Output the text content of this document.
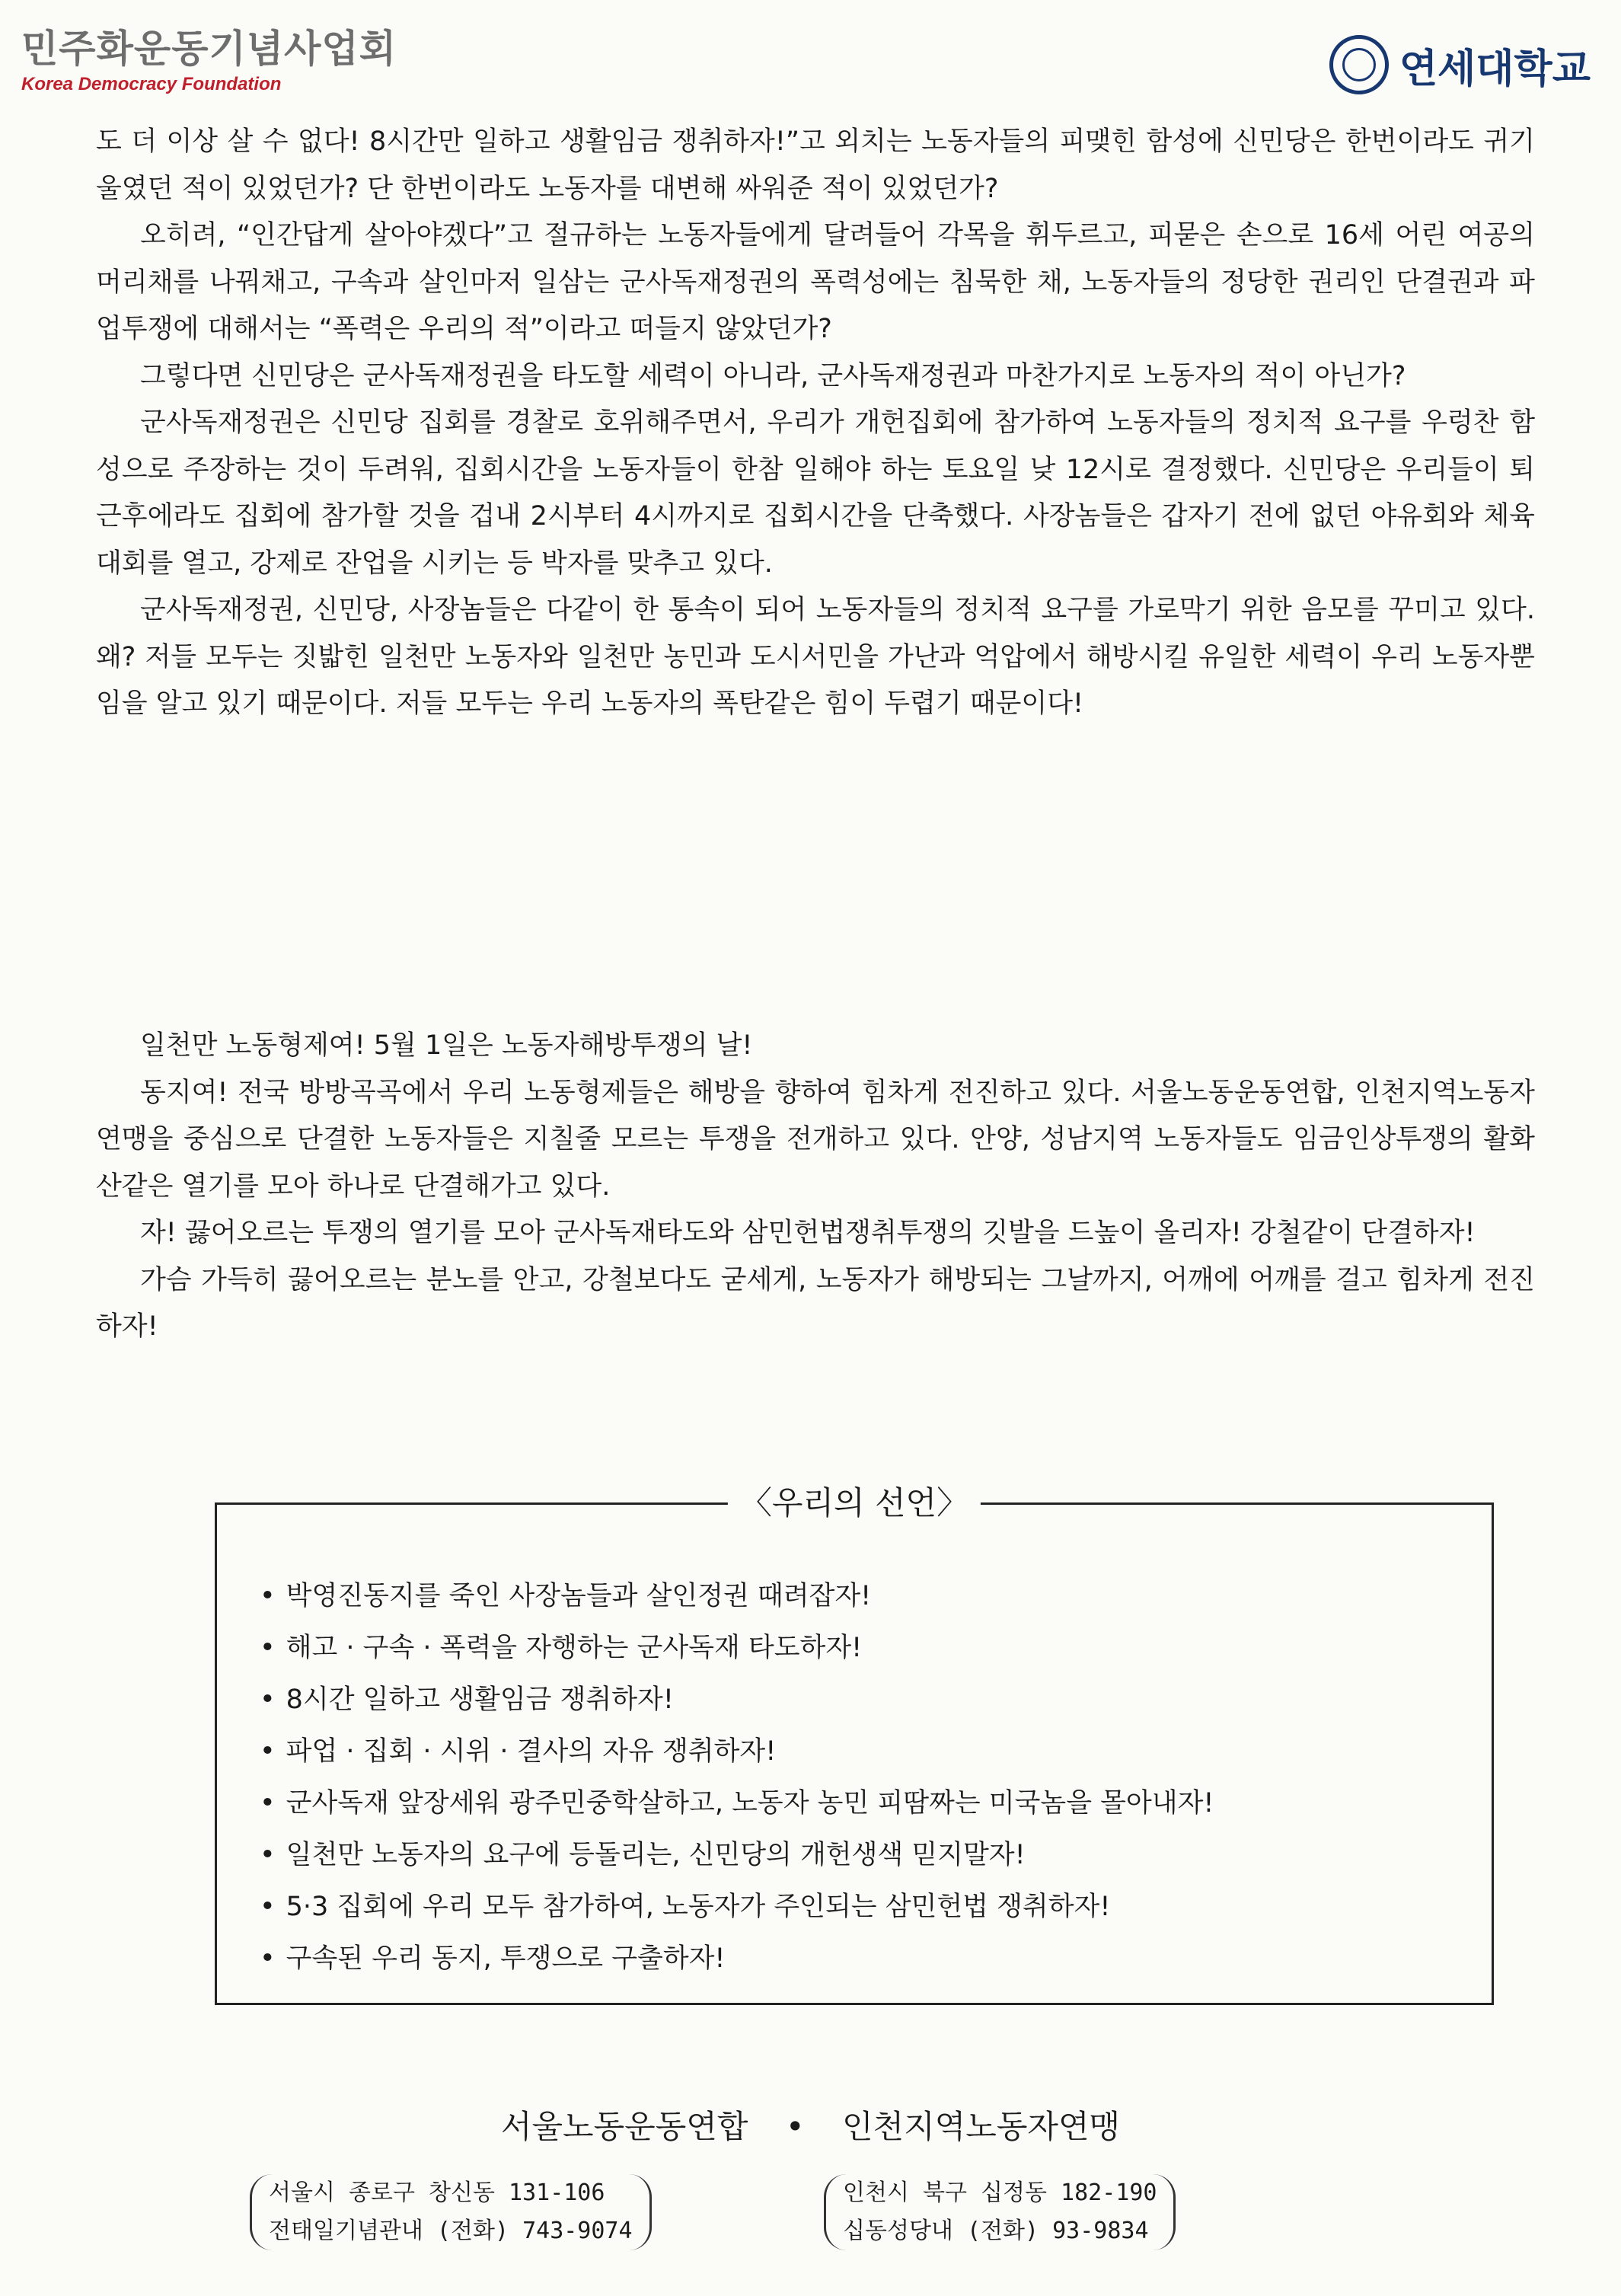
민주화운동기념사업회
Korea Democracy Foundation	연세대학교

도 더 이상 살 수 없다! 8시간만 일하고 생활임금 쟁취하자!”고 외치는 노동자들의 피맺힌 함성에 신민당은 한번이라도 귀기울였던 적이 있었던가? 단 한번이라도 노동자를 대변해 싸워준 적이 있었던가?

오히려, “인간답게 살아야겠다”고 절규하는 노동자들에게 달려들어 각목을 휘두르고, 피묻은 손으로 16세 어린 여공의 머리채를 나꿔채고, 구속과 살인마저 일삼는 군사독재정권의 폭력성에는 침묵한 채, 노동자들의 정당한 권리인 단결권과 파업투쟁에 대해서는 “폭력은 우리의 적”이라고 떠들지 않았던가?

그렇다면 신민당은 군사독재정권을 타도할 세력이 아니라, 군사독재정권과 마찬가지로 노동자의 적이 아닌가?

군사독재정권은 신민당 집회를 경찰로 호위해주면서, 우리가 개헌집회에 참가하여 노동자들의 정치적 요구를 우렁찬 함성으로 주장하는 것이 두려워, 집회시간을 노동자들이 한참 일해야 하는 토요일 낮 12시로 결정했다. 신민당은 우리들이 퇴근후에라도 집회에 참가할 것을 겁내 2시부터 4시까지로 집회시간을 단축했다. 사장놈들은 갑자기 전에 없던 야유회와 체육대회를 열고, 강제로 잔업을 시키는 등 박자를 맞추고 있다.

군사독재정권, 신민당, 사장놈들은 다같이 한 통속이 되어 노동자들의 정치적 요구를 가로막기 위한 음모를 꾸미고 있다. 왜? 저들 모두는 짓밟힌 일천만 노동자와 일천만 농민과 도시서민을 가난과 억압에서 해방시킬 유일한 세력이 우리 노동자뿐임을 알고 있기 때문이다. 저들 모두는 우리 노동자의 폭탄같은 힘이 두렵기 때문이다!

일천만 노동형제여! 5월 1일은 노동자해방투쟁의 날!

동지여! 전국 방방곡곡에서 우리 노동형제들은 해방을 향하여 힘차게 전진하고 있다. 서울노동운동연합, 인천지역노동자연맹을 중심으로 단결한 노동자들은 지칠줄 모르는 투쟁을 전개하고 있다. 안양, 성남지역 노동자들도 임금인상투쟁의 활화산같은 열기를 모아 하나로 단결해가고 있다.

자! 끓어오르는 투쟁의 열기를 모아 군사독재타도와 삼민헌법쟁취투쟁의 깃발을 드높이 올리자! 강철같이 단결하자!

가슴 가득히 끓어오르는 분노를 안고, 강철보다도 굳세게, 노동자가 해방되는 그날까지, 어깨에 어깨를 걸고 힘차게 전진하자!

〈우리의 선언〉
• 박영진동지를 죽인 사장놈들과 살인정권 때려잡자!
• 해고 · 구속 · 폭력을 자행하는 군사독재 타도하자!
• 8시간 일하고 생활임금 쟁취하자!
• 파업 · 집회 · 시위 · 결사의 자유 쟁취하자!
• 군사독재 앞장세워 광주민중학살하고, 노동자 농민 피땀짜는 미국놈을 몰아내자!
• 일천만 노동자의 요구에 등돌리는, 신민당의 개헌생색 믿지말자!
• 5·3 집회에 우리 모두 참가하여, 노동자가 주인되는 삼민헌법 쟁취하자!
• 구속된 우리 동지, 투쟁으로 구출하자!
서울노동운동연합 • 인천지역노동자연맹
서울시 종로구 창신동 131-106
전태일기념관내 (전화) 743-9074
인천시 북구 십정동 182-190
십동성당내 (전화) 93-9834
